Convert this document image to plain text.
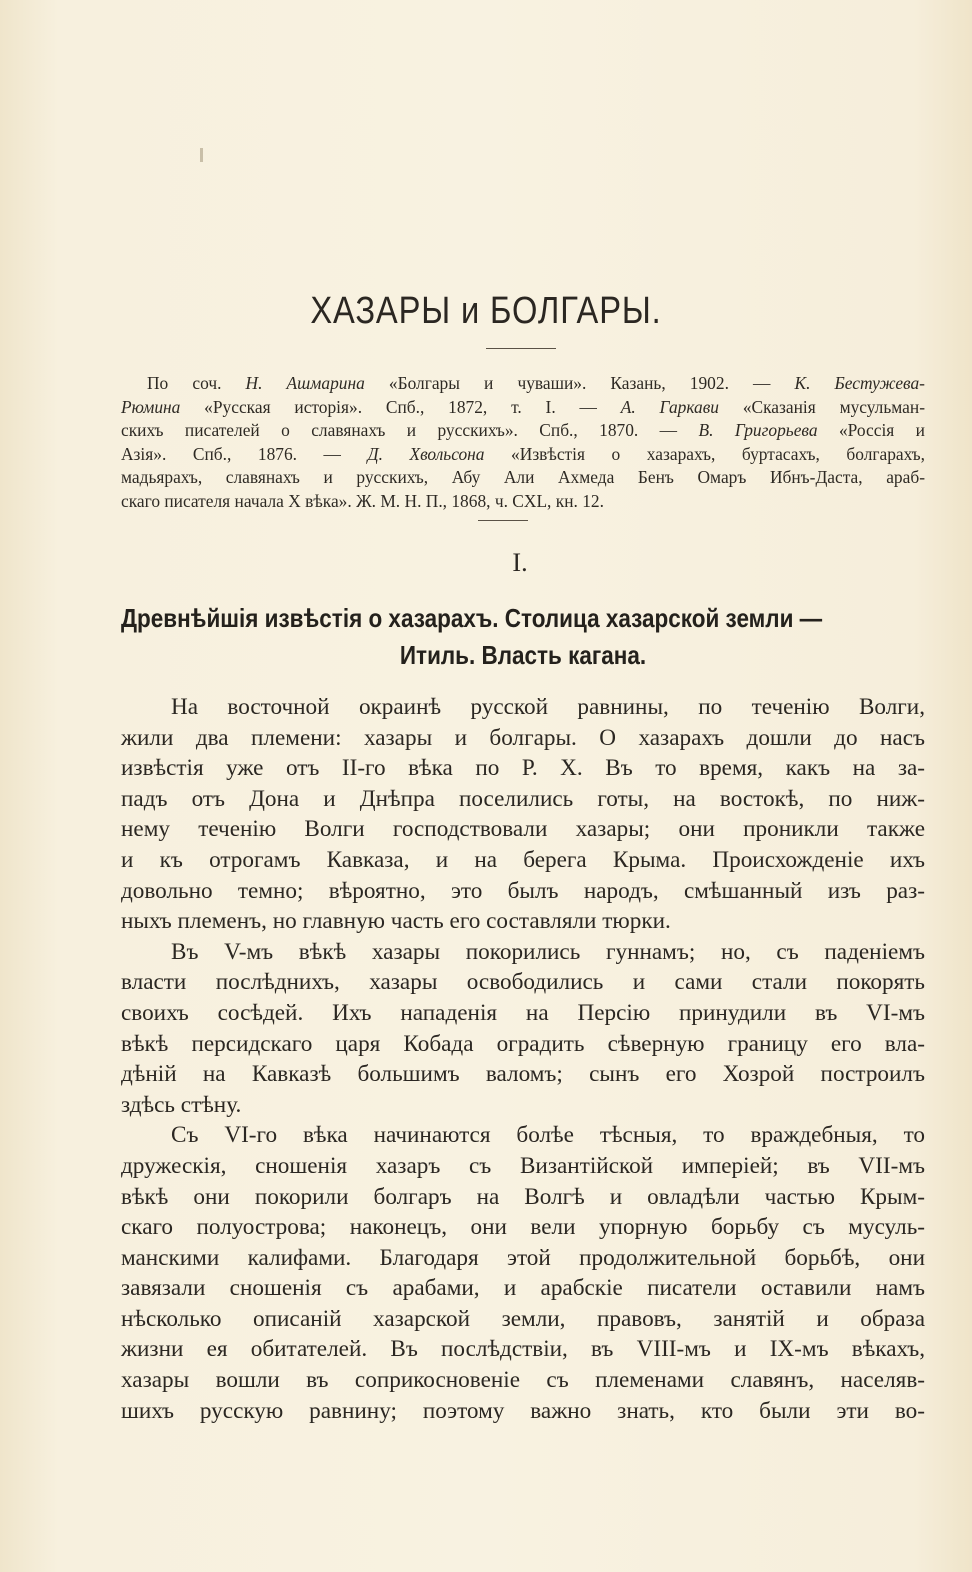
ХАЗАРЫ и БОЛГАРЫ.
По соч. Н. Ашмарина «Болгары и чуваши». Казань, 1902. — К. Бестужева-
Рюмина «Русская исторія». Спб., 1872, т. I. — А. Гаркави «Сказанія мусульман-
скихъ писателей о славянахъ и русскихъ». Спб., 1870. — В. Григорьева «Россія и
Азія». Спб., 1876. — Д. Хвольсона «Извѣстія о хазарахъ, буртасахъ, болгарахъ,
мадьярахъ, славянахъ и русскихъ, Абу Али Ахмеда Бенъ Омаръ Ибнъ-Даста, араб-
скаго писателя начала X вѣка». Ж. М. Н. П., 1868, ч. CXL, кн. 12.
I.
Древнѣйшія извѣстія о хазарахъ. Столица хазарской земли —
Итиль. Власть кагана.
На восточной окраинѣ русской равнины, по теченію Волги,
жили два племени: хазары и болгары. О хазарахъ дошли до насъ
извѣстія уже отъ II-го вѣка по Р. Х. Въ то время, какъ на за-
падъ отъ Дона и Днѣпра поселились готы, на востокѣ, по ниж-
нему теченію Волги господствовали хазары; они проникли также
и къ отрогамъ Кавказа, и на берега Крыма. Происхожденіе ихъ
довольно темно; вѣроятно, это былъ народъ, смѣшанный изъ раз-
ныхъ племенъ, но главную часть его составляли тюрки.
Въ V-мъ вѣкѣ хазары покорились гуннамъ; но, съ паденіемъ
власти послѣднихъ, хазары освободились и сами стали покорять
своихъ сосѣдей. Ихъ нападенія на Персію принудили въ VI-мъ
вѣкѣ персидскаго царя Кобада оградить сѣверную границу его вла-
дѣній на Кавказѣ большимъ валомъ; сынъ его Хозрой построилъ
здѣсь стѣну.
Съ VI-го вѣка начинаются болѣе тѣсныя, то враждебныя, то
дружескія, сношенія хазаръ съ Византійской имперіей; въ VII-мъ
вѣкѣ они покорили болгаръ на Волгѣ и овладѣли частью Крым-
скаго полуострова; наконецъ, они вели упорную борьбу съ мусуль-
манскими калифами. Благодаря этой продолжительной борьбѣ, они
завязали сношенія съ арабами, и арабскіе писатели оставили намъ
нѣсколько описаній хазарской земли, правовъ, занятій и образа
жизни ея обитателей. Въ послѣдствіи, въ VIII-мъ и IX-мъ вѣкахъ,
хазары вошли въ соприкосновеніе съ племенами славянъ, населяв-
шихъ русскую равнину; поэтому важно знать, кто были эти во-
